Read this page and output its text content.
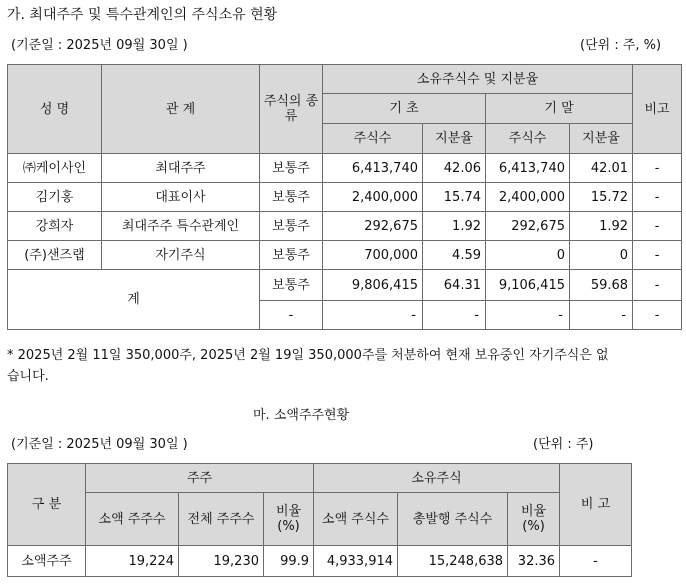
가. 최대주주 및 특수관계인의 주식소유 현황
(기준일 : 2025년 09월 30일 )	(단위 : 주, %)
성 명	관 계	주식의 종류	소유주식수 및 지분율				비고
			기 초		기 말		
			주식수	지분율	주식수	지분율	
㈜케이사인	최대주주	보통주	6,413,740	42.06	6,413,740	42.01	-
김기홍	대표이사	보통주	2,400,000	15.74	2,400,000	15.72	-
강희자	최대주주 특수관계인	보통주	292,675	1.92	292,675	1.92	-
(주)샌즈랩	자기주식	보통주	700,000	4.59	0	0	-
계		보통주	9,806,415	64.31	9,106,415	59.68	-
		-	-	-	-	-	-
* 2025년 2월 11일 350,000주, 2025년 2월 19일 350,000주를 처분하여 현재 보유중인 자기주식은 없습니다.
마. 소액주주현황
(기준일 : 2025년 09월 30일 )	(단위 : 주)
구 분	주주			소유주식			비 고
	소액 주주수	전체 주주수	비율 (%)	소액 주식수	총발행 주식수	비율 (%)	
소액주주	19,224	19,230	99.9	4,933,914	15,248,638	32.36	-
